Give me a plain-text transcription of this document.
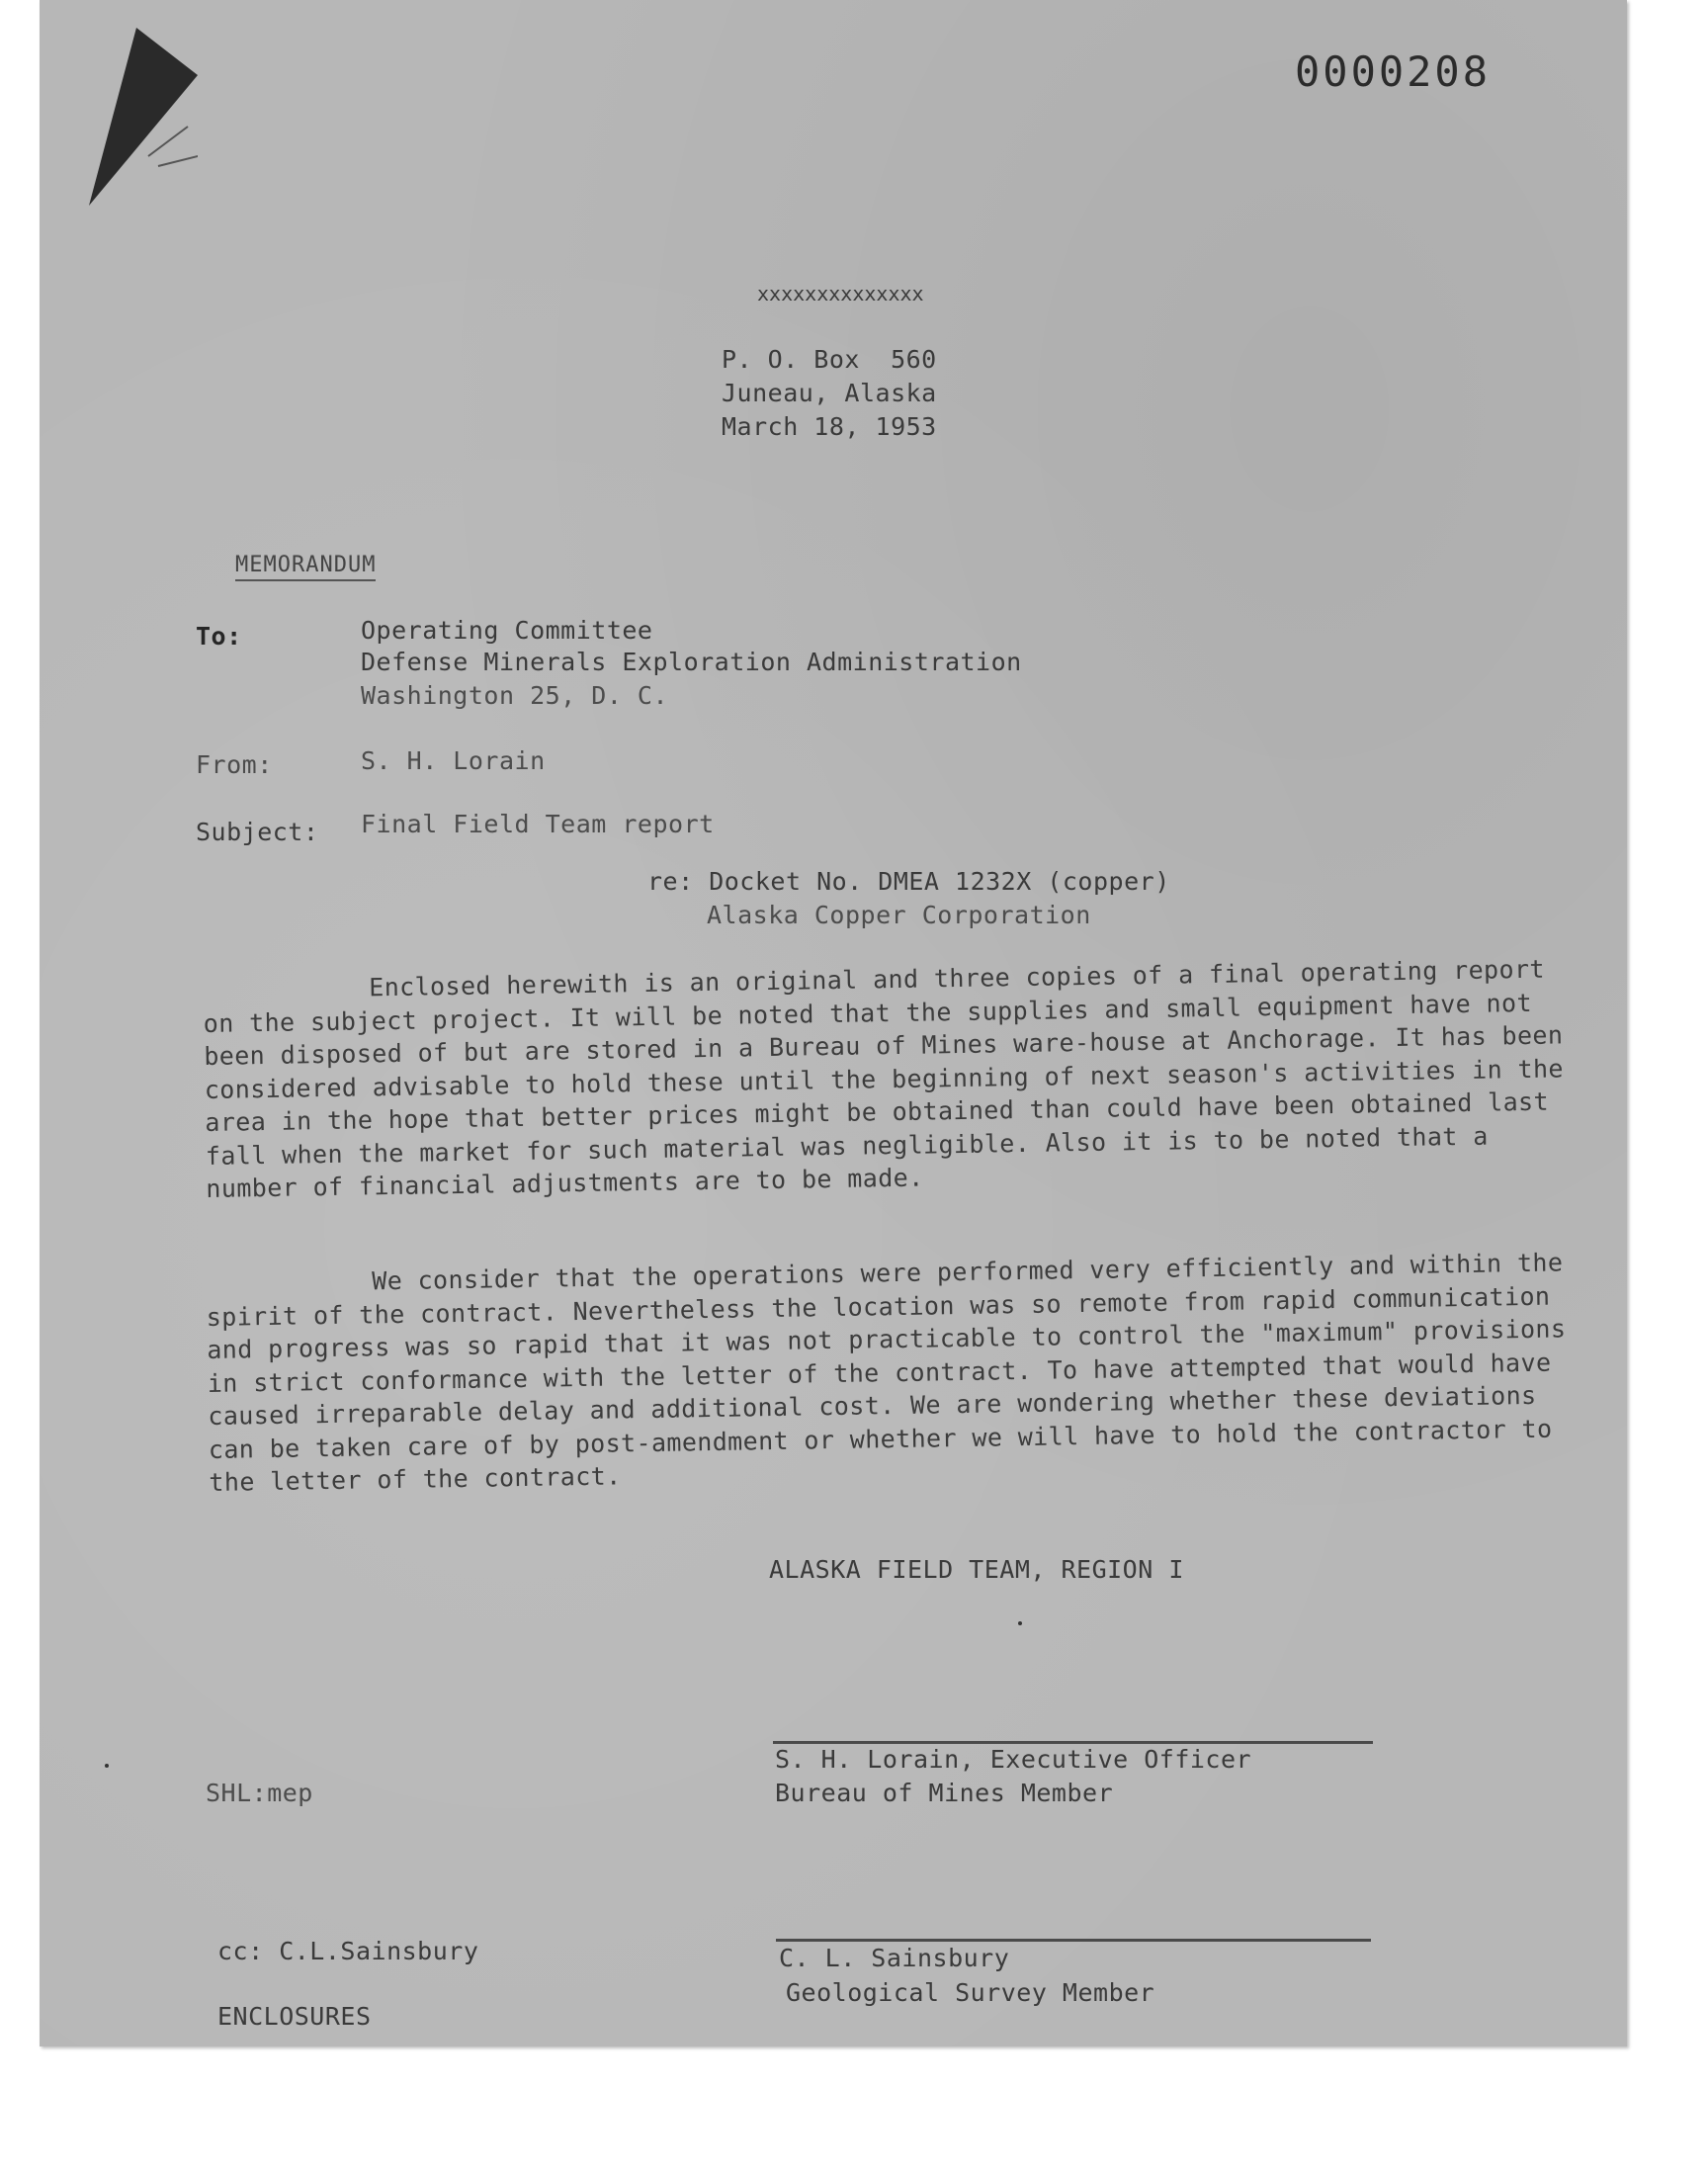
0000208
xxxxxxxxxxxxxx
P. O. Box  560
Juneau, Alaska
March 18, 1953
MEMORANDUM
To:	Operating Committee
Defense Minerals Exploration Administration
Washington 25, D. C.
From:	S. H. Lorain
Subject: Final Field Team report
re: Docket No. DMEA 1232X (copper)
Alaska Copper Corporation
Enclosed herewith is an original and three copies of a final operating report on the subject project. It will be noted that the supplies and small equipment have not been disposed of but are stored in a Bureau of Mines ware-house at Anchorage. It has been considered advisable to hold these until the beginning of next season's activities in the area in the hope that better prices might be obtained than could have been obtained last fall when the market for such material was negligible. Also it is to be noted that a number of financial adjustments are to be made.
We consider that the operations were performed very efficiently and within the spirit of the contract. Nevertheless the location was so remote from rapid communication and progress was so rapid that it was not practicable to control the "maximum" provisions in strict conformance with the letter of the contract. To have attempted that would have caused irreparable delay and additional cost. We are wondering whether these deviations can be taken care of by post-amendment or whether we will have to hold the contractor to the letter of the contract.
ALASKA FIELD TEAM, REGION I
S. H. Lorain, Executive Officer
Bureau of Mines Member
SHL:mep
C. L. Sainsbury
Geological Survey Member
cc: C.L.Sainsbury
ENCLOSURES
